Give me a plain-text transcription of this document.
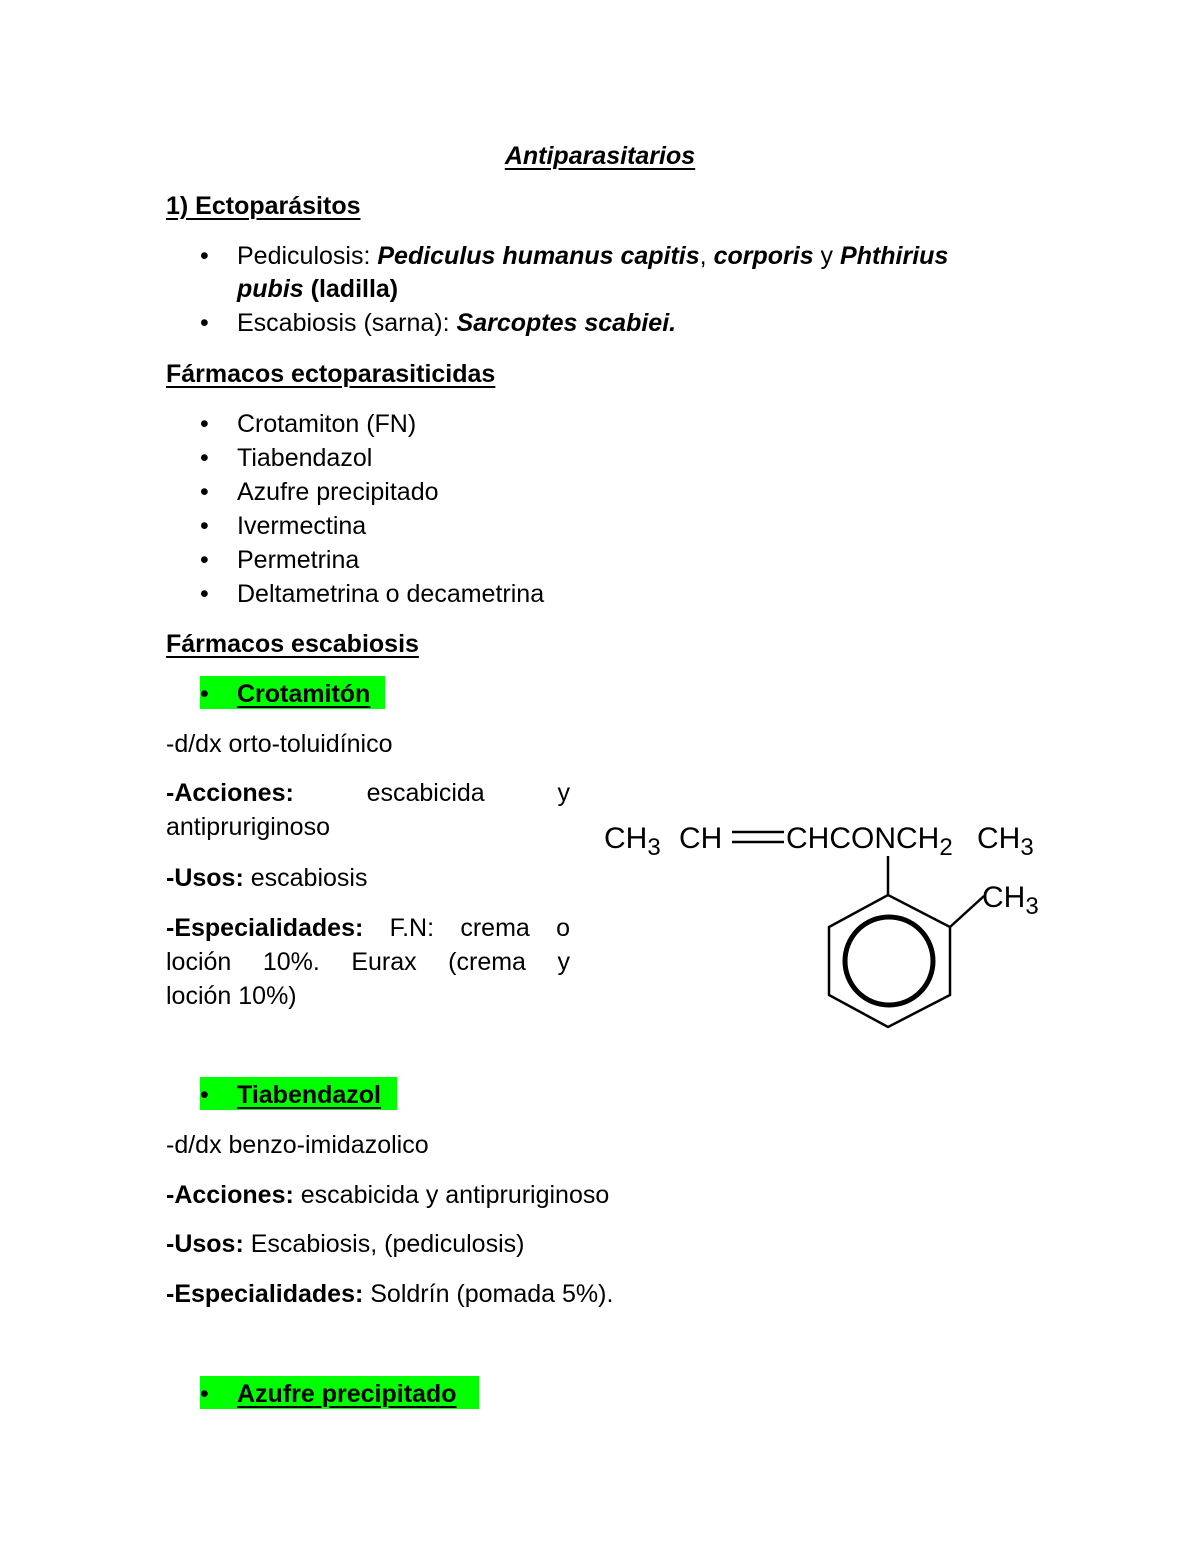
Antiparasitarios
1) Ectoparásitos
•	Pediculosis: Pediculus humanus capitis, corporis y Phthirius
pubis (ladilla)
•	Escabiosis (sarna): Sarcoptes scabiei.
Fármacos ectoparasiticidas
•	Crotamiton (FN)
•	Tiabendazol
•	Azufre precipitado
•	Ivermectina
•	Permetrina
•	Deltametrina o decametrina
Fármacos escabiosis
•	Crotamitón
-d/dx orto-toluidínico
-Acciones: escabicida y
antipruriginoso
-Usos: escabiosis
-Especialidades: F.N: crema o
loción 10%. Eurax (crema y
loción 10%)
$CH_3$ CH $CHCONCH_2$ $CH_3$
$CH_3$
•	Tiabendazol
-d/dx benzo-imidazolico
-Acciones: escabicida y antipruriginoso
-Usos: Escabiosis, (pediculosis)
-Especialidades: Soldrín (pomada 5%).
•	Azufre precipitado
